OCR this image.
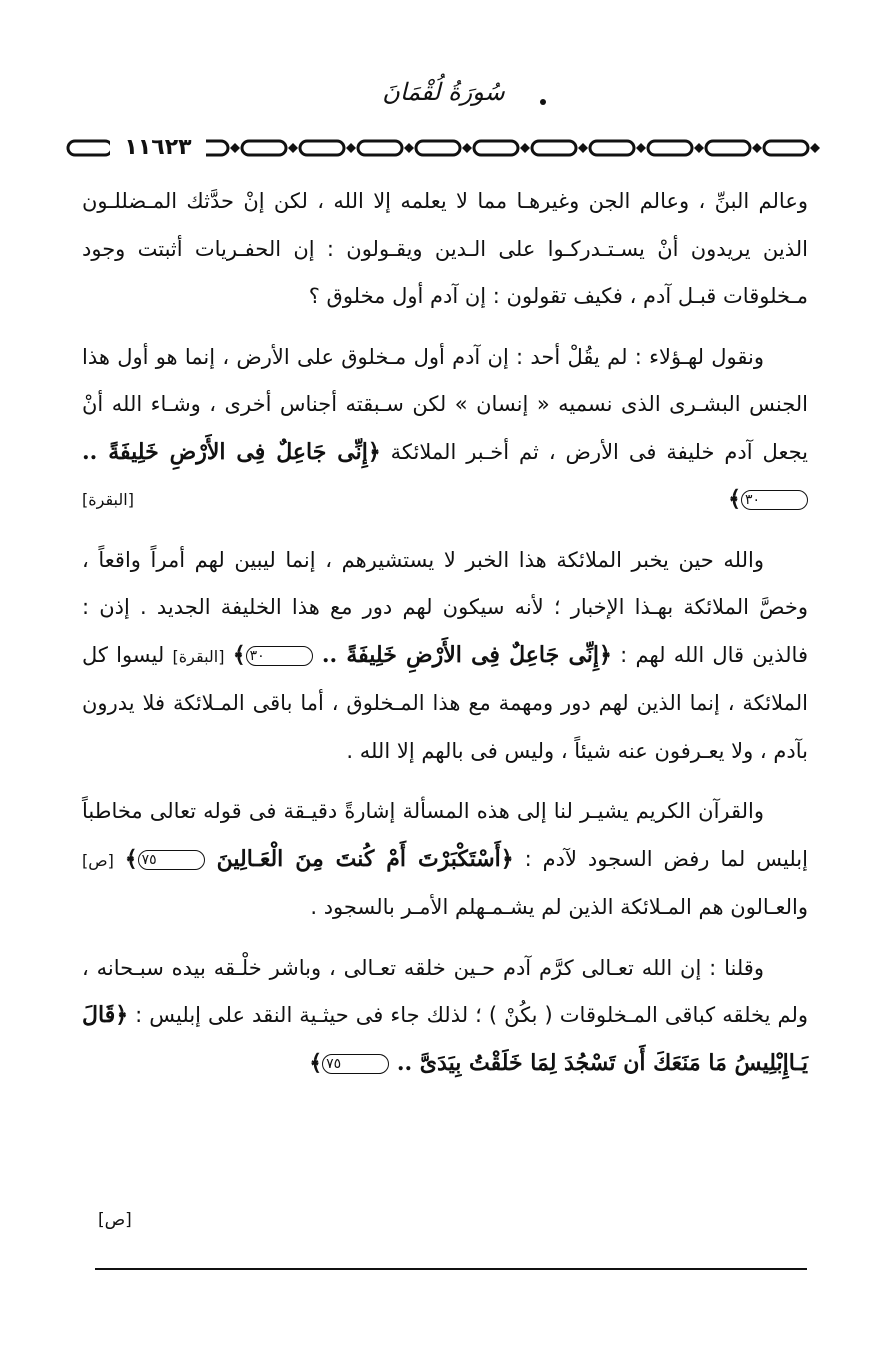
سُورَةُ لُقْمَانَ
١١٦٢٣

وعالم البنِّ ، وعالم الجن وغيرهـا مما لا يعلمه إلا الله ، لكن إنْ حدَّثك المـضللـون الذين يريدون أنْ يسـتـدركـوا على الـدين ويقـولون : إن الحفـريات أثبتت وجود مـخلوقات قبـل آدم ، فكيف تقولون : إن آدم أول مخلوق ؟

ونقول لهـؤلاء : لم يقُلْ أحد : إن آدم أول مـخلوق على الأرض ، إنما هو أول هذا الجنس البشـرى الذى نسميه « إنسان » لكن سـبقته أجناس أخرى ، وشـاء الله أنْ يجعل آدم خليفة فى الأرض ، ثم أخـبر الملائكة ﴿إِنِّى جَاعِلٌ فِى الأَرْضِ خَلِيفَةً .. ٣٠﴾
[البقرة]

والله حين يخبر الملائكة هذا الخبر لا يستشيرهم ، إنما ليبين لهم أمراً واقعاً ، وخصَّ الملائكة بهـذا الإخبار ؛ لأنه سيكون لهم دور مع هذا الخليفة الجديد . إذن : فالذين قال الله لهم : ﴿إِنِّى جَاعِلٌ فِى الأَرْضِ خَلِيفَةً .. ٣٠﴾ [البقرة] ليسوا كل الملائكة ، إنما الذين لهم دور ومهمة مع هذا المـخلوق ، أما باقى المـلائكة فلا يدرون بآدم ، ولا يعـرفون عنه شيئاً ، وليس فى بالهم إلا الله .

والقرآن الكريم يشيـر لنا إلى هذه المسألة إشارةً دقيـقة فى قوله تعالى مخاطباً إبليس لما رفض السجود لآدم : ﴿أَسْتَكْبَرْتَ أَمْ كُنتَ مِنَ الْعَـالِينَ ٧٥﴾ [ص] والعـالون هم المـلائكة الذين لم يشـمـهلم الأمـر بالسجود .

وقلنا : إن الله تعـالى كرَّم آدم حـين خلقه تعـالى ، وباشر خلْـقه بيده سبـحانه ، ولم يخلقه كباقى المـخلوقات ( بكُنْ ) ؛ لذلك جاء فى حيثـية النقد على إبليس : ﴿قَالَ يَـاإِبْلِيسُ مَا مَنَعَكَ أَن تَسْجُدَ لِمَا خَلَقْتُ بِيَدَىَّ .. ٧٥﴾

[ص]
